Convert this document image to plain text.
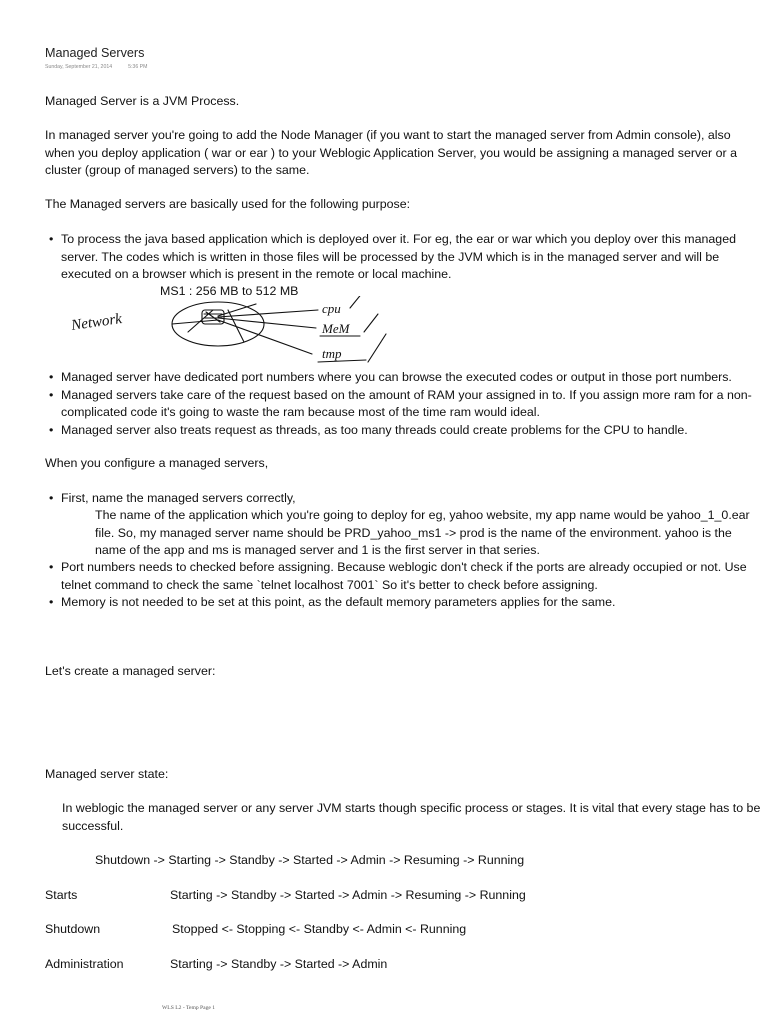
Managed Servers
Sunday, September 21, 2014	5:36 PM

Managed Server is a JVM Process.

In managed server you're going to add the Node Manager (if you want to start the managed server from Admin console), also when you deploy application ( war or ear ) to your Weblogic Application Server, you would be assigning a managed server or a cluster (group of managed servers) to the same.

The Managed servers are basically used for the following purpose:

• To process the java based application which is deployed over it. For eg, the ear or war which you deploy over this managed server. The codes which is written in those files will be processed by the JVM which is in the managed server and will be executed on a browser which is present in the remote or local machine.
MS1 : 256 MB to 512 MB
Network
cpu
MeM
tmp
• Managed server have dedicated port numbers where you can browse the executed codes or output in those port numbers.
• Managed servers take care of the request based on the amount of RAM your assigned in to. If you assign more ram for a non-complicated code it's going to waste the ram because most of the time ram would ideal.
• Managed server also treats request as threads, as too many threads could create problems for the CPU to handle.

When you configure a managed servers,

• First, name the managed servers correctly,

The name of the application which you're going to deploy for eg, yahoo website, my app name would be yahoo_1_0.ear file. So, my managed server name should be PRD_yahoo_ms1 -> prod is the name of the environment. yahoo is the name of the app and ms is managed server and 1 is the first server in that series.

• Port numbers needs to checked before assigning. Because weblogic don't check if the ports are already occupied or not. Use telnet command to check the same `telnet localhost 7001` So it's better to check before assigning.
• Memory is not needed to be set at this point, as the default memory parameters applies for the same.

Let's create a managed server:

Managed server state:

In weblogic the managed server or any server JVM starts though specific process or stages. It is vital that every stage has to be successful.

Shutdown -> Starting -> Standby -> Started -> Admin -> Resuming -> Running
Starts	Starting -> Standby -> Started -> Admin -> Resuming -> Running
Shutdown	Stopped <- Stopping <- Standby <- Admin <- Running
Administration	Starting -> Standby -> Started -> Admin
WLS L2 - Temp Page 1
